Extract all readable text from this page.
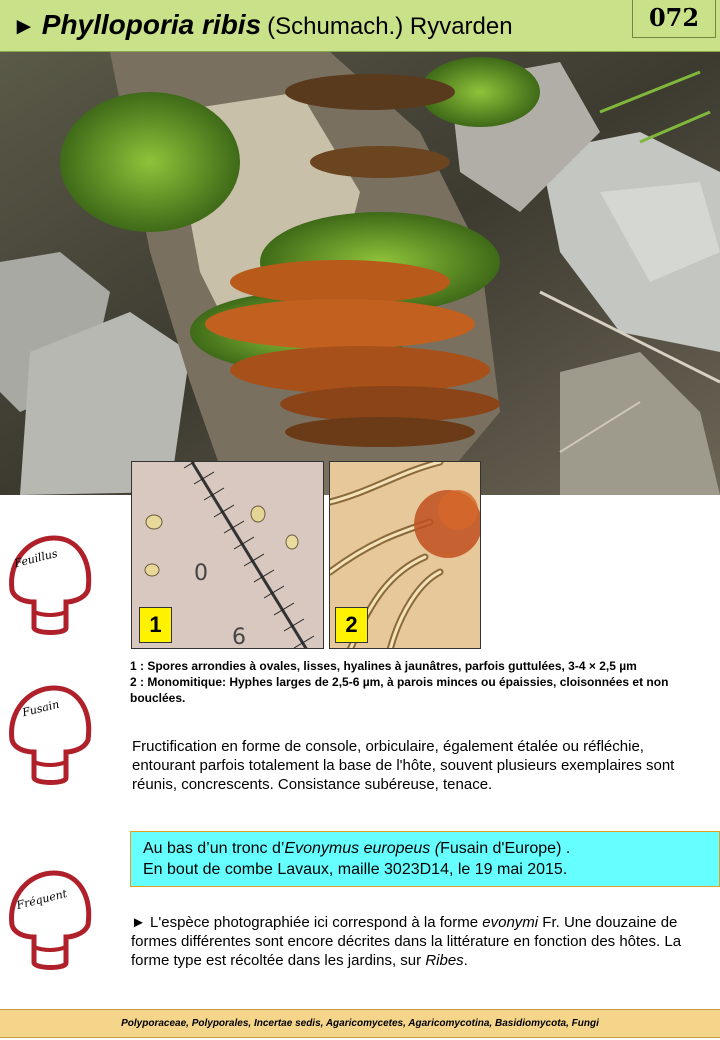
► Phylloporia ribis (Schumach.) Ryvarden	072
0
6
1	2
Feuillus
Fusain
Fréquent
1 : Spores arrondies à ovales, lisses, hyalines à jaunâtres, parfois guttulées, 3-4 × 2,5 µm
2 : Monomitique: Hyphes larges de 2,5-6 µm, à parois minces ou épaissies, cloisonnées et non bouclées.
Fructification en forme de console, orbiculaire, également étalée ou réfléchie, entourant parfois totalement la base de l'hôte, souvent plusieurs exemplaires sont réunis, concrescents. Consistance subéreuse, tenace.
Au bas d’un tronc d’Evonymus europeus (Fusain d'Europe) .
En bout de combe Lavaux, maille 3023D14, le 19 mai 2015.
► L'espèce photographiée ici correspond à la forme evonymi Fr. Une douzaine de formes différentes sont encore décrites dans la littérature en fonction des hôtes. La forme type est récoltée dans les jardins, sur Ribes.
Polyporaceae, Polyporales, Incertae sedis, Agaricomycetes, Agaricomycotina, Basidiomycota, Fungi
